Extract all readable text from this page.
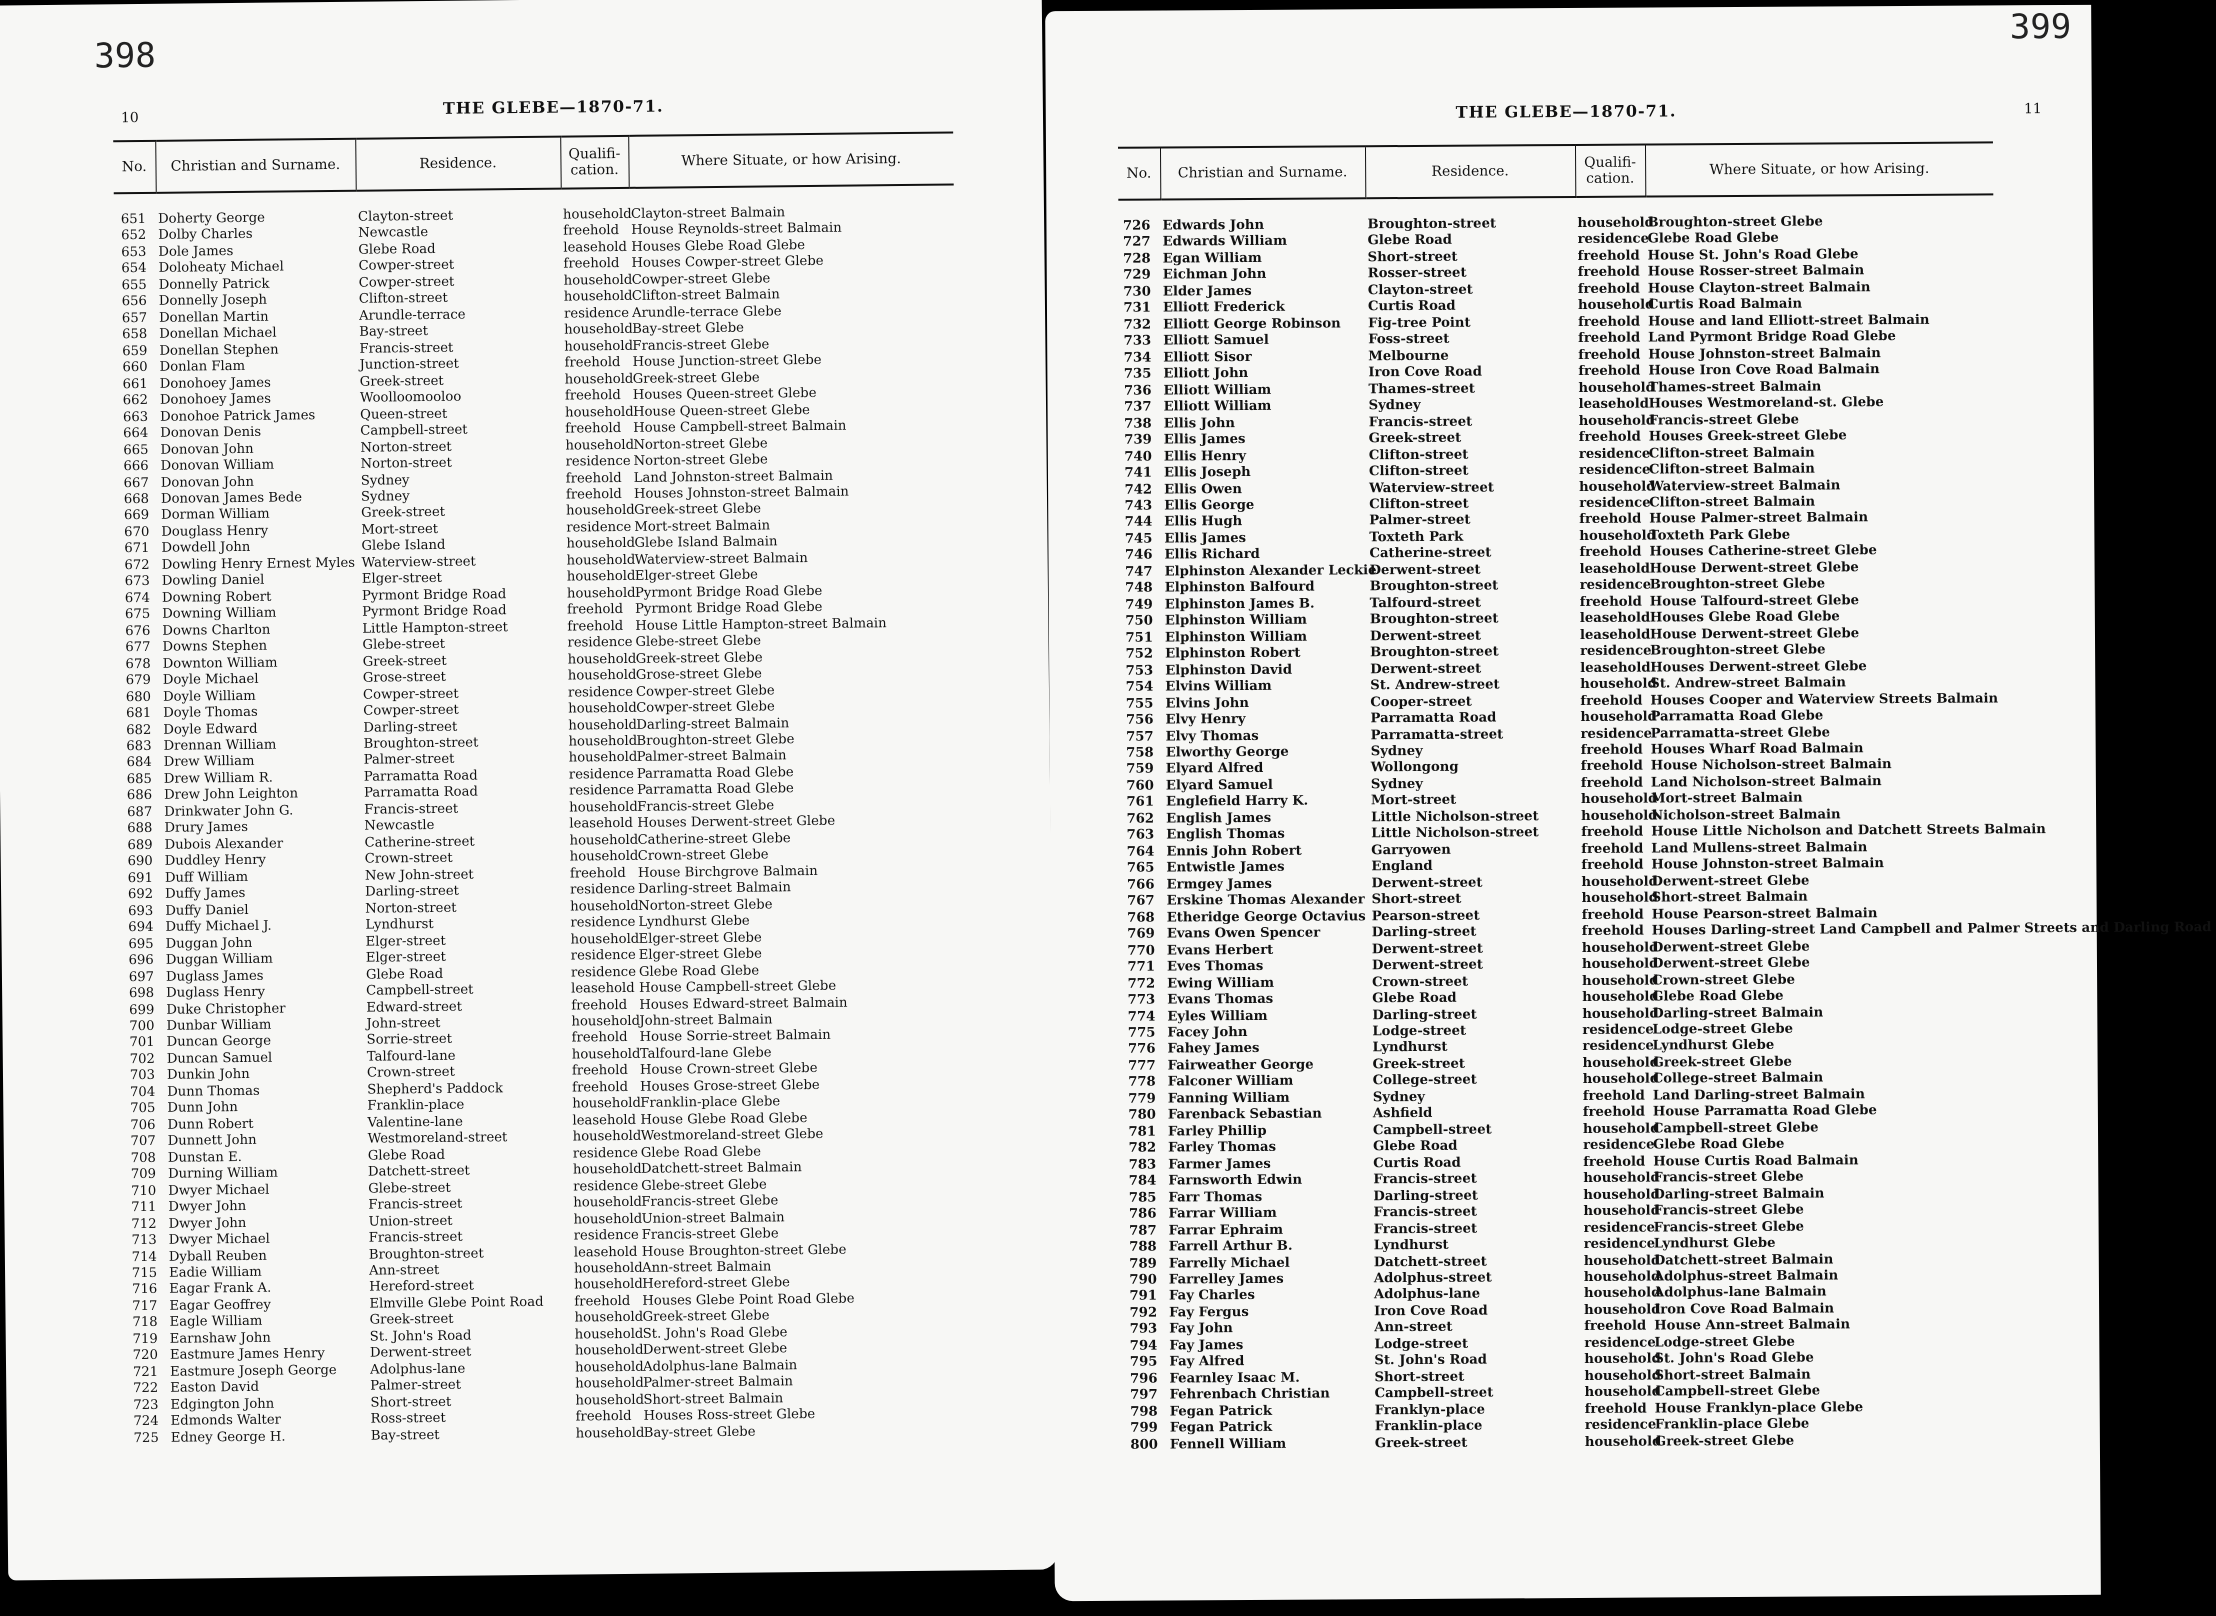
398
10
THE GLEBE—1870-71.
No.	Christian and Surname.	Residence.	Qualifi-cation.	Where Situate, or how Arising.

651	Doherty George	Clayton-street	household	Clayton-street Balmain
652	Dolby Charles	Newcastle	freehold	House Reynolds-street Balmain
653	Dole James	Glebe Road	leasehold	Houses Glebe Road Glebe
654	Doloheaty Michael	Cowper-street	freehold	Houses Cowper-street Glebe
655	Donnelly Patrick	Cowper-street	household	Cowper-street Glebe
656	Donnelly Joseph	Clifton-street	household	Clifton-street Balmain
657	Donellan Martin	Arundle-terrace	residence	Arundle-terrace Glebe
658	Donellan Michael	Bay-street	household	Bay-street Glebe
659	Donellan Stephen	Francis-street	household	Francis-street Glebe
660	Donlan Flam	Junction-street	freehold	House Junction-street Glebe
661	Donohoey James	Greek-street	household	Greek-street Glebe
662	Donohoey James	Woolloomooloo	freehold	Houses Queen-street Glebe
663	Donohoe Patrick James	Queen-street	household	House Queen-street Glebe
664	Donovan Denis	Campbell-street	freehold	House Campbell-street Balmain
665	Donovan John	Norton-street	household	Norton-street Glebe
666	Donovan William	Norton-street	residence	Norton-street Glebe
667	Donovan John	Sydney	freehold	Land Johnston-street Balmain
668	Donovan James Bede	Sydney	freehold	Houses Johnston-street Balmain
669	Dorman William	Greek-street	household	Greek-street Glebe
670	Douglass Henry	Mort-street	residence	Mort-street Balmain
671	Dowdell John	Glebe Island	household	Glebe Island Balmain
672	Dowling Henry Ernest Myles	Waterview-street	household	Waterview-street Balmain
673	Dowling Daniel	Elger-street	household	Elger-street Glebe
674	Downing Robert	Pyrmont Bridge Road	household	Pyrmont Bridge Road Glebe
675	Downing William	Pyrmont Bridge Road	freehold	Pyrmont Bridge Road Glebe
676	Downs Charlton	Little Hampton-street	freehold	House Little Hampton-street Balmain
677	Downs Stephen	Glebe-street	residence	Glebe-street Glebe
678	Downton William	Greek-street	household	Greek-street Glebe
679	Doyle Michael	Grose-street	household	Grose-street Glebe
680	Doyle William	Cowper-street	residence	Cowper-street Glebe
681	Doyle Thomas	Cowper-street	household	Cowper-street Glebe
682	Doyle Edward	Darling-street	household	Darling-street Balmain
683	Drennan William	Broughton-street	household	Broughton-street Glebe
684	Drew William	Palmer-street	household	Palmer-street Balmain
685	Drew William R.	Parramatta Road	residence	Parramatta Road Glebe
686	Drew John Leighton	Parramatta Road	residence	Parramatta Road Glebe
687	Drinkwater John G.	Francis-street	household	Francis-street Glebe
688	Drury James	Newcastle	leasehold	Houses Derwent-street Glebe
689	Dubois Alexander	Catherine-street	household	Catherine-street Glebe
690	Duddley Henry	Crown-street	household	Crown-street Glebe
691	Duff William	New John-street	freehold	House Birchgrove Balmain
692	Duffy James	Darling-street	residence	Darling-street Balmain
693	Duffy Daniel	Norton-street	household	Norton-street Glebe
694	Duffy Michael J.	Lyndhurst	residence	Lyndhurst Glebe
695	Duggan John	Elger-street	household	Elger-street Glebe
696	Duggan William	Elger-street	residence	Elger-street Glebe
697	Duglass James	Glebe Road	residence	Glebe Road Glebe
698	Duglass Henry	Campbell-street	leasehold	House Campbell-street Glebe
699	Duke Christopher	Edward-street	freehold	Houses Edward-street Balmain
700	Dunbar William	John-street	household	John-street Balmain
701	Duncan George	Sorrie-street	freehold	House Sorrie-street Balmain
702	Duncan Samuel	Talfourd-lane	household	Talfourd-lane Glebe
703	Dunkin John	Crown-street	freehold	House Crown-street Glebe
704	Dunn Thomas	Shepherd's Paddock	freehold	Houses Grose-street Glebe
705	Dunn John	Franklin-place	household	Franklin-place Glebe
706	Dunn Robert	Valentine-lane	leasehold	House Glebe Road Glebe
707	Dunnett John	Westmoreland-street	household	Westmoreland-street Glebe
708	Dunstan E.	Glebe Road	residence	Glebe Road Glebe
709	Durning William	Datchett-street	household	Datchett-street Balmain
710	Dwyer Michael	Glebe-street	residence	Glebe-street Glebe
711	Dwyer John	Francis-street	household	Francis-street Glebe
712	Dwyer John	Union-street	household	Union-street Balmain
713	Dwyer Michael	Francis-street	residence	Francis-street Glebe
714	Dyball Reuben	Broughton-street	leasehold	House Broughton-street Glebe
715	Eadie William	Ann-street	household	Ann-street Balmain
716	Eagar Frank A.	Hereford-street	household	Hereford-street Glebe
717	Eagar Geoffrey	Elmville Glebe Point Road	freehold	Houses Glebe Point Road Glebe
718	Eagle William	Greek-street	household	Greek-street Glebe
719	Earnshaw John	St. John's Road	household	St. John's Road Glebe
720	Eastmure James Henry	Derwent-street	household	Derwent-street Glebe
721	Eastmure Joseph George	Adolphus-lane	household	Adolphus-lane Balmain
722	Easton David	Palmer-street	household	Palmer-street Balmain
723	Edgington John	Short-street	household	Short-street Balmain
724	Edmonds Walter	Ross-street	freehold	Houses Ross-street Glebe
725	Edney George H.	Bay-street	household	Bay-street Glebe
399
11
THE GLEBE—1870-71.
No.	Christian and Surname.	Residence.	Qualifi-cation.	Where Situate, or how Arising.

726	Edwards John	Broughton-street	household	Broughton-street Glebe
727	Edwards William	Glebe Road	residence	Glebe Road Glebe
728	Egan William	Short-street	freehold	House St. John's Road Glebe
729	Eichman John	Rosser-street	freehold	House Rosser-street Balmain
730	Elder James	Clayton-street	freehold	House Clayton-street Balmain
731	Elliott Frederick	Curtis Road	household	Curtis Road Balmain
732	Elliott George Robinson	Fig-tree Point	freehold	House and land Elliott-street Balmain
733	Elliott Samuel	Foss-street	freehold	Land Pyrmont Bridge Road Glebe
734	Elliott Sisor	Melbourne	freehold	House Johnston-street Balmain
735	Elliott John	Iron Cove Road	freehold	House Iron Cove Road Balmain
736	Elliott William	Thames-street	household	Thames-street Balmain
737	Elliott William	Sydney	leasehold	Houses Westmoreland-st. Glebe
738	Ellis John	Francis-street	household	Francis-street Glebe
739	Ellis James	Greek-street	freehold	Houses Greek-street Glebe
740	Ellis Henry	Clifton-street	residence	Clifton-street Balmain
741	Ellis Joseph	Clifton-street	residence	Clifton-street Balmain
742	Ellis Owen	Waterview-street	household	Waterview-street Balmain
743	Ellis George	Clifton-street	residence	Clifton-street Balmain
744	Ellis Hugh	Palmer-street	freehold	House Palmer-street Balmain
745	Ellis James	Toxteth Park	household	Toxteth Park Glebe
746	Ellis Richard	Catherine-street	freehold	Houses Catherine-street Glebe
747	Elphinston Alexander Leckie	Derwent-street	leasehold	House Derwent-street Glebe
748	Elphinston Balfourd	Broughton-street	residence	Broughton-street Glebe
749	Elphinston James B.	Talfourd-street	freehold	House Talfourd-street Glebe
750	Elphinston William	Broughton-street	leasehold	Houses Glebe Road Glebe
751	Elphinston William	Derwent-street	leasehold	House Derwent-street Glebe
752	Elphinston Robert	Broughton-street	residence	Broughton-street Glebe
753	Elphinston David	Derwent-street	leasehold	Houses Derwent-street Glebe
754	Elvins William	St. Andrew-street	household	St. Andrew-street Balmain
755	Elvins John	Cooper-street	freehold	Houses Cooper and Waterview Streets Balmain
756	Elvy Henry	Parramatta Road	household	Parramatta Road Glebe
757	Elvy Thomas	Parramatta-street	residence	Parramatta-street Glebe
758	Elworthy George	Sydney	freehold	Houses Wharf Road Balmain
759	Elyard Alfred	Wollongong	freehold	House Nicholson-street Balmain
760	Elyard Samuel	Sydney	freehold	Land Nicholson-street Balmain
761	Englefield Harry K.	Mort-street	household	Mort-street Balmain
762	English James	Little Nicholson-street	household	Nicholson-street Balmain
763	English Thomas	Little Nicholson-street	freehold	House Little Nicholson and Datchett Streets Balmain
764	Ennis John Robert	Garryowen	freehold	Land Mullens-street Balmain
765	Entwistle James	England	freehold	House Johnston-street Balmain
766	Ermgey James	Derwent-street	household	Derwent-street Glebe
767	Erskine Thomas Alexander	Short-street	household	Short-street Balmain
768	Etheridge George Octavius	Pearson-street	freehold	House Pearson-street Balmain
769	Evans Owen Spencer	Darling-street	freehold	Houses Darling-street Land Campbell and Palmer Streets and Darling Road
770	Evans Herbert	Derwent-street	household	Derwent-street Glebe
771	Eves Thomas	Derwent-street	household	Derwent-street Glebe
772	Ewing William	Crown-street	household	Crown-street Glebe
773	Evans Thomas	Glebe Road	household	Glebe Road Glebe
774	Eyles William	Darling-street	household	Darling-street Balmain
775	Facey John	Lodge-street	residence	Lodge-street Glebe
776	Fahey James	Lyndhurst	residence	Lyndhurst Glebe
777	Fairweather George	Greek-street	household	Greek-street Glebe
778	Falconer William	College-street	household	College-street Balmain
779	Fanning William	Sydney	freehold	Land Darling-street Balmain
780	Farenback Sebastian	Ashfield	freehold	House Parramatta Road Glebe
781	Farley Phillip	Campbell-street	household	Campbell-street Glebe
782	Farley Thomas	Glebe Road	residence	Glebe Road Glebe
783	Farmer James	Curtis Road	freehold	House Curtis Road Balmain
784	Farnsworth Edwin	Francis-street	household	Francis-street Glebe
785	Farr Thomas	Darling-street	household	Darling-street Balmain
786	Farrar William	Francis-street	household	Francis-street Glebe
787	Farrar Ephraim	Francis-street	residence	Francis-street Glebe
788	Farrell Arthur B.	Lyndhurst	residence	Lyndhurst Glebe
789	Farrelly Michael	Datchett-street	household	Datchett-street Balmain
790	Farrelley James	Adolphus-street	household	Adolphus-street Balmain
791	Fay Charles	Adolphus-lane	household	Adolphus-lane Balmain
792	Fay Fergus	Iron Cove Road	household	Iron Cove Road Balmain
793	Fay John	Ann-street	freehold	House Ann-street Balmain
794	Fay James	Lodge-street	residence	Lodge-street Glebe
795	Fay Alfred	St. John's Road	household	St. John's Road Glebe
796	Fearnley Isaac M.	Short-street	household	Short-street Balmain
797	Fehrenbach Christian	Campbell-street	household	Campbell-street Glebe
798	Fegan Patrick	Franklyn-place	freehold	House Franklyn-place Glebe
799	Fegan Patrick	Franklin-place	residence	Franklin-place Glebe
800	Fennell William	Greek-street	household	Greek-street Glebe
